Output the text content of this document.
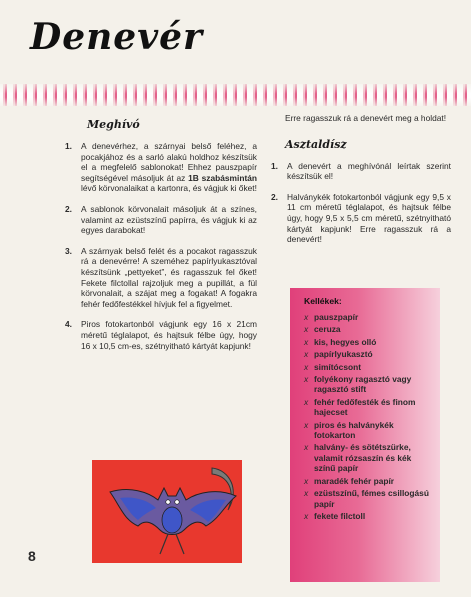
Denevér
Meghívó
1. A denevérhez, a szárnyai belső feléhez, a pocakjához és a sarló alakú holdhoz készítsük el a megfelelő sablonokat! Ehhez pauszpapír segítségével másoljuk át az 1B szabásmintán lévő körvonalaikat a kartonra, és vágjuk ki őket!
2. A sablonok körvonalait másoljuk át a színes, valamint az ezüstszínű papírra, és vágjuk ki az egyes darabokat!
3. A szárnyak belső felét és a pocakot ragasszuk rá a denevérre! A szeméhez papírlyukasztóval készítsünk „pettyeket”, és ragasszuk fel őket! Fekete filctollal rajzoljuk meg a pupillát, a fül körvonalait, a szájat meg a fogakat! A fogakra fehér fedőfestékkel hívjuk fel a figyelmet.
4. Piros fotokartonból vágjunk egy 16 x 21cm méretű téglalapot, és hajtsuk félbe úgy, hogy 16 x 10,5 cm-es, szétnyitható kártyát kapjunk!
Erre ragasszuk rá a denevért meg a holdat!
Asztaldísz
1. A denevért a meghívónál leírtak szerint készítsük el!
2. Halványkék fotokartonból vágjunk egy 9,5 x 11 cm méretű téglalapot, és hajtsuk félbe úgy, hogy 9,5 x 5,5 cm méretű, szétnyitható kártyát kapjunk! Erre ragasszuk rá a denevért!
Kellékek:
x pauszpapír
x ceruza
x kis, hegyes olló
x papírlyukasztó
x simítócsont
x folyékony ragasztó vagy ragasztó stift
x fehér fedőfesték és finom hajecset
x piros és halványkék fotokarton
x halvány- és sötétszürke, valamit rózsaszín és kék színű papír
x maradék fehér papír
x ezüstszínű, fémes csillogású papír
x fekete filctoll
8
